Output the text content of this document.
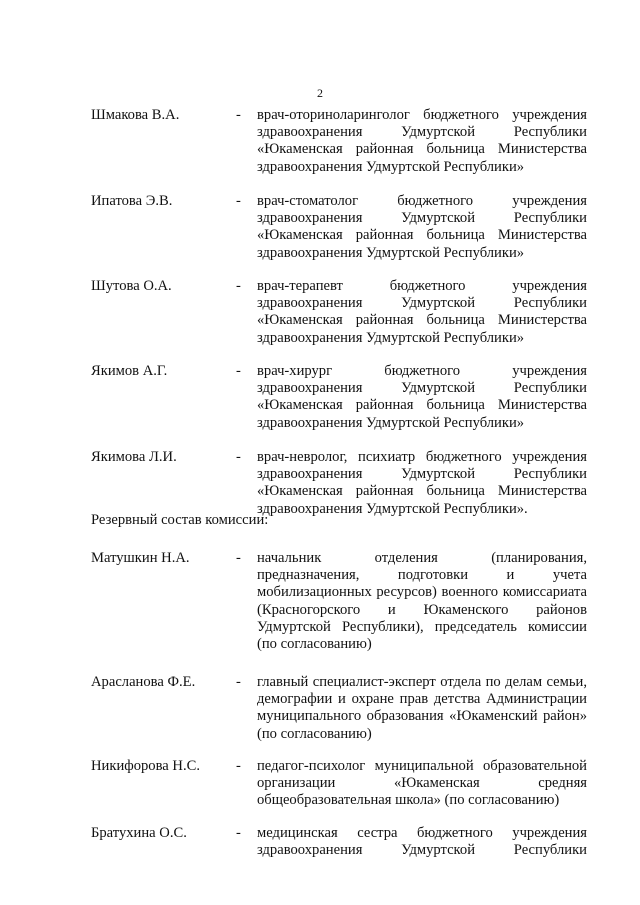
2
Шмакова В.А.	- врач-оториноларинголог бюджетного учреждения здравоохранения Удмуртской Республики «Юкаменская районная больница Министерства здравоохранения Удмуртской Республики»
Ипатова Э.В.	- врач-стоматолог бюджетного учреждения здравоохранения Удмуртской Республики «Юкаменская районная больница Министерства здравоохранения Удмуртской Республики»
Шутова О.А.	- врач-терапевт бюджетного учреждения здравоохранения Удмуртской Республики «Юкаменская районная больница Министерства здравоохранения Удмуртской Республики»
Якимов А.Г.	- врач-хирург бюджетного учреждения здравоохранения Удмуртской Республики «Юкаменская районная больница Министерства здравоохранения Удмуртской Республики»
Якимова Л.И.	- врач-невролог, психиатр бюджетного учреждения здравоохранения Удмуртской Республики «Юкаменская районная больница Министерства здравоохранения Удмуртской Республики».
Резервный состав комиссии:
Матушкин Н.А.	- начальник отделения (планирования, предназначения, подготовки и учета мобилизационных ресурсов) военного комиссариата (Красногорского и Юкаменского районов Удмуртской Республики), председатель комиссии (по согласованию)
Арасланова Ф.Е.	- главный специалист-эксперт отдела по делам семьи, демографии и охране прав детства Администрации муниципального образования «Юкаменский район» (по согласованию)
Никифорова Н.С. - педагог-психолог муниципальной образовательной организации «Юкаменская средняя общеобразовательная школа» (по согласованию)
Братухина О.С.	- медицинская сестра бюджетного учреждения здравоохранения Удмуртской Республики
